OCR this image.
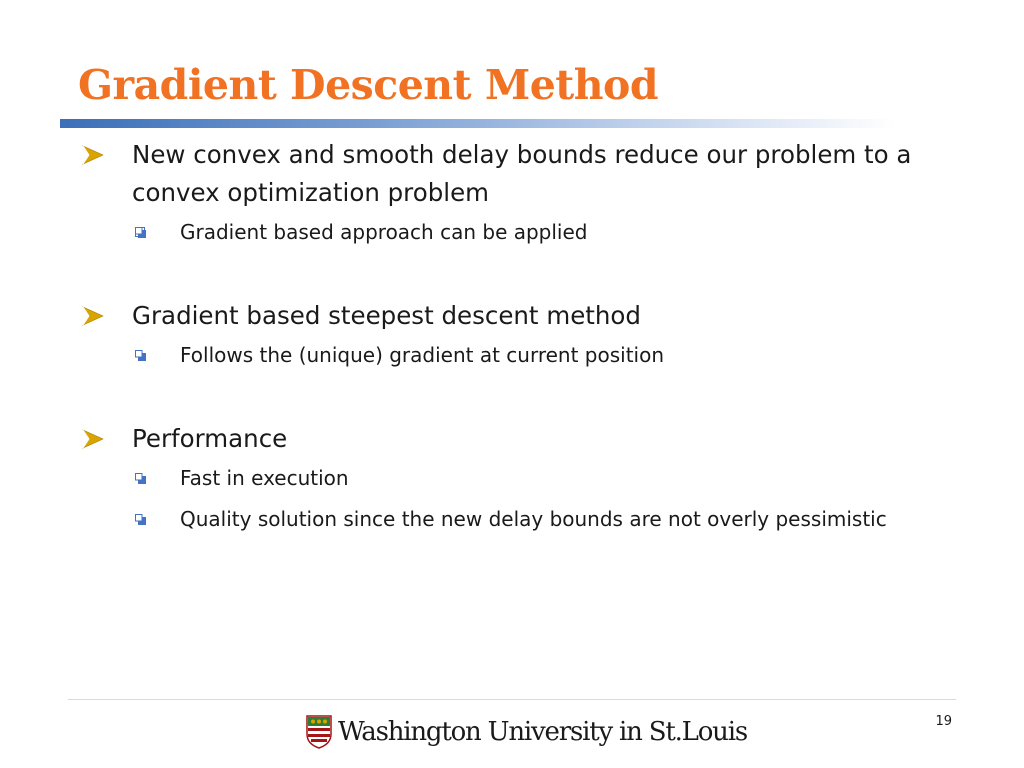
Gradient Descent Method
New convex and smooth delay bounds reduce our problem to a convex optimization problem
Gradient based approach can be applied
Gradient based steepest descent method
Follows the (unique) gradient at current position
Performance
Fast in execution
Quality solution since the new delay bounds are not overly pessimistic
Washington University in St.Louis	19
